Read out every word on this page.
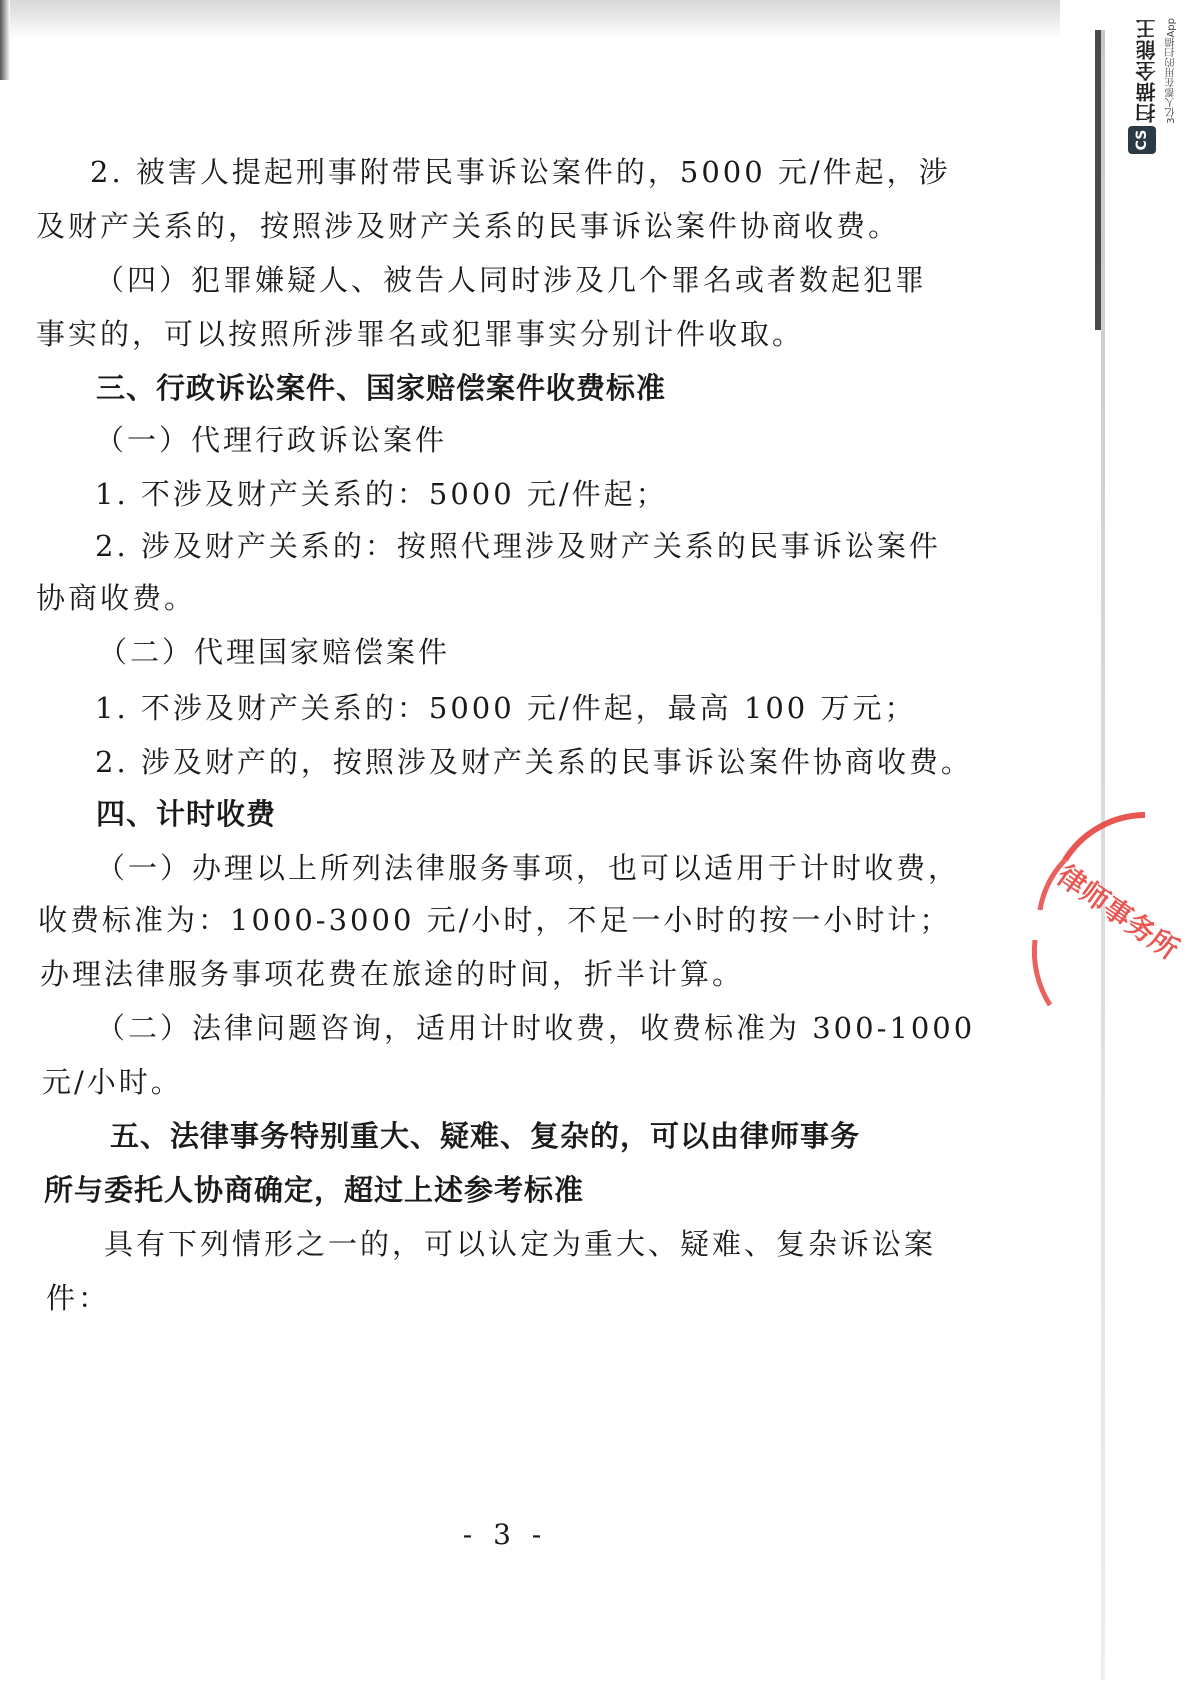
扫描全能王 3亿人都在用的扫描App
CS
2. 被害人提起刑事附带民事诉讼案件的，5000 元/件起，涉
及财产关系的，按照涉及财产关系的民事诉讼案件协商收费。
（四）犯罪嫌疑人、被告人同时涉及几个罪名或者数起犯罪
事实的，可以按照所涉罪名或犯罪事实分别计件收取。
三、行政诉讼案件、国家赔偿案件收费标准
（一）代理行政诉讼案件
1. 不涉及财产关系的：5000 元/件起；
2. 涉及财产关系的：按照代理涉及财产关系的民事诉讼案件
协商收费。
（二）代理国家赔偿案件
1. 不涉及财产关系的：5000 元/件起，最高 100 万元；
2. 涉及财产的，按照涉及财产关系的民事诉讼案件协商收费。
四、计时收费
（一）办理以上所列法律服务事项，也可以适用于计时收费，
收费标准为：1000-3000 元/小时，不足一小时的按一小时计；
办理法律服务事项花费在旅途的时间，折半计算。
（二）法律问题咨询，适用计时收费，收费标准为 300-1000
元/小时。
五、法律事务特别重大、疑难、复杂的，可以由律师事务
所与委托人协商确定，超过上述参考标准
具有下列情形之一的，可以认定为重大、疑难、复杂诉讼案
件：
- 3 -
律师事务所
